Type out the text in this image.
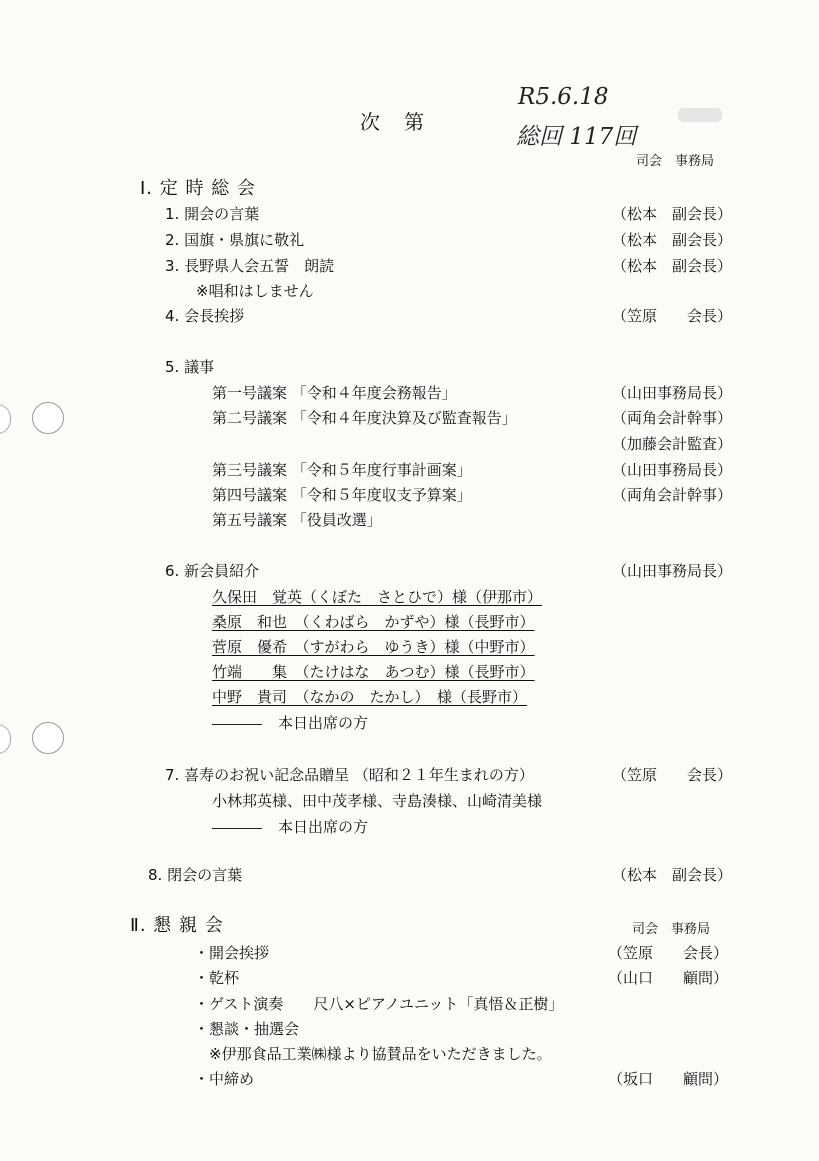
次　第
R5.6.18
総回 117回
司会　事務局
Ⅰ. 定 時 総 会
1. 開会の言葉	（松本　副会長）
2. 国旗・県旗に敬礼	（松本　副会長）
3. 長野県人会五誓　朗読	（松本　副会長）
※唱和はしません
4. 会長挨拶	（笠原　　会長）
5. 議事
第一号議案 「令和４年度会務報告」	（山田事務局長）
第二号議案 「令和４年度決算及び監査報告」	（両角会計幹事）
（加藤会計監査）
第三号議案 「令和５年度行事計画案」	（山田事務局長）
第四号議案 「令和５年度収支予算案」	（両角会計幹事）
第五号議案 「役員改選」
6. 新会員紹介	（山田事務局長）
久保田　覚英（くぼた　さとひで）様（伊那市）
桑原　和也　（くわばら　かずや）様（長野市）
菅原　優希　（すがわら　ゆうき）様（中野市）
竹端　　集　（たけはな　あつむ）様（長野市）
中野　貴司　（なかの　たかし）　様（長野市）
本日出席の方
7. 喜寿のお祝い記念品贈呈 （昭和２１年生まれの方）	（笠原　　会長）
小林邦英様、田中茂孝様、寺島湊様、山崎清美様
本日出席の方
8. 閉会の言葉	（松本　副会長）
Ⅱ. 懇 親 会	司会　事務局
・開会挨拶	（笠原　　会長）
・乾杯	（山口　　顧問）
・ゲスト演奏　　尺八×ピアノユニット「真悟＆正樹」
・懇談・抽選会
※伊那食品工業㈱様より協賛品をいただきました。
・中締め	（坂口　　顧問）
